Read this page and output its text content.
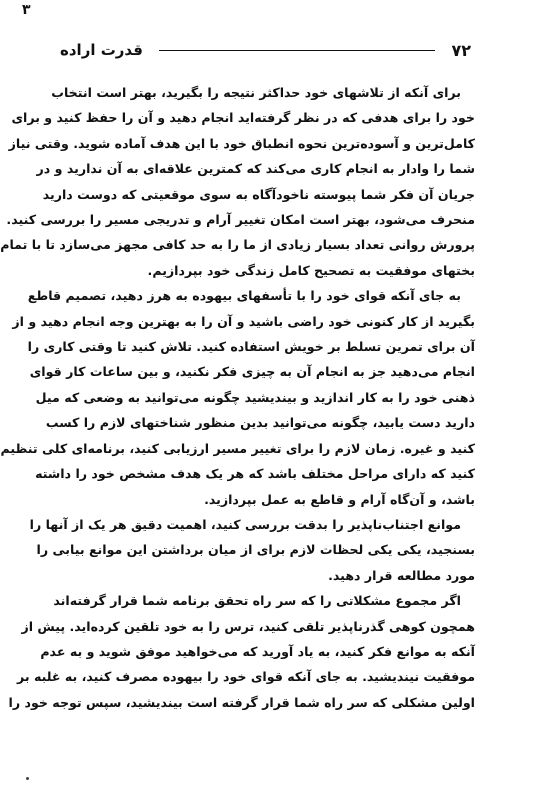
٣
۷۲
قدرت اراده
برای آنکه از تلاشهای خود حداکثر نتیجه را بگیرید، بهتر است انتخاب
خود را برای هدفی که در نظر گرفته‌اید انجام دهید و آن را حفظ کنید و برای
کامل‌ترین و آسوده‌ترین نحوه انطباق خود با این هدف آماده شوید. وقتی نیاز
شما را وادار به انجام کاری می‌کند که کمترین علاقه‌ای به آن ندارید و در
جریان آن فکر شما پیوسته ناخودآگاه به سوی موقعیتی که دوست دارید
منحرف می‌شود، بهتر است امکان تغییر آرام و تدریجی مسیر را بررسی کنید.
پرورش روانی تعداد بسیار زیادی از ما را به حد کافی مجهز می‌سازد تا با تمام
بختهای موفقیت به تصحیح کامل زندگی خود بپردازیم.
به جای آنکه قوای خود را با تأسفهای بیهوده به هرز دهید، تصمیم قاطع
بگیرید از کار کنونی خود راضی باشید و آن را به بهترین وجه انجام دهید و از
آن برای تمرین تسلط بر خویش استفاده کنید. تلاش کنید تا وقتی کاری را
انجام می‌دهید جز به انجام آن به چیزی فکر نکنید، و بین ساعات کار قوای
ذهنی خود را به کار اندازید و بیندیشید چگونه می‌توانید به وضعی که میل
دارید دست یابید، چگونه می‌توانید بدین منظور شناختهای لازم را کسب
کنید و غیره. زمان لازم را برای تغییر مسیر ارزیابی کنید، برنامه‌ای کلی تنظیم
کنید که دارای مراحل مختلف باشد که هر یک هدف مشخص خود را داشته
باشد، و آن‌گاه آرام و قاطع به عمل بپردازید.
موانع اجتناب‌ناپذیر را بدقت بررسی کنید، اهمیت دقیق هر یک از آنها را
بسنجید، یکی یکی لحظات لازم برای از میان برداشتن این موانع بیابی را
مورد مطالعه قرار دهید.
اگر مجموع مشکلاتی را که سر راه تحقق برنامه شما قرار گرفته‌اند
همچون کوهی گذرناپذیر تلقی کنید، ترس را به خود تلقین کرده‌اید. پیش از
آنکه به موانع فکر کنید، به یاد آورید که می‌خواهید موفق شوید و به عدم
موفقیت نیندیشید. به جای آنکه قوای خود را بیهوده مصرف کنید، به غلبه بر
اولین مشکلی که سر راه شما قرار گرفته است بیندیشید، سپس توجه خود را
